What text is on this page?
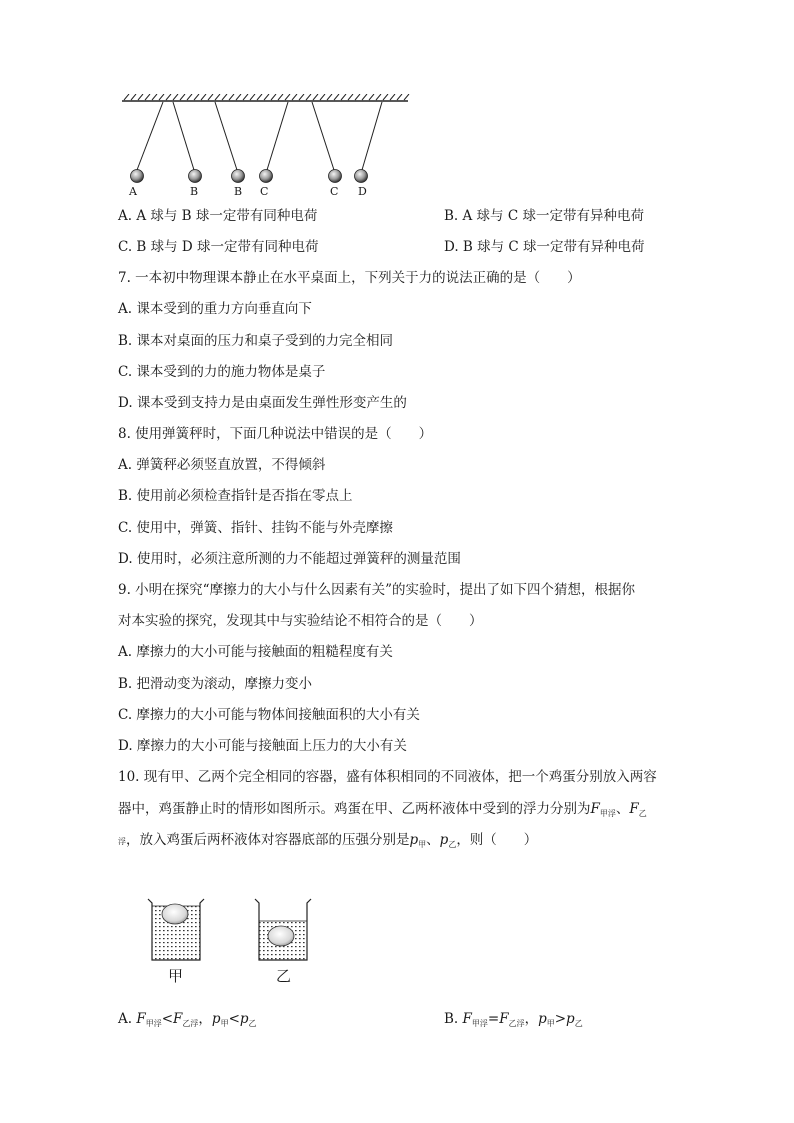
A	B	B C	C D
A. A 球与 B 球一定带有同种电荷	B. A 球与 C 球一定带有异种电荷
C. B 球与 D 球一定带有同种电荷	D. B 球与 C 球一定带有异种电荷
7. 一本初中物理课本静止在水平桌面上，下列关于力的说法正确的是（　　）
A. 课本受到的重力方向垂直向下
B. 课本对桌面的压力和桌子受到的力完全相同
C. 课本受到的力的施力物体是桌子
D. 课本受到支持力是由桌面发生弹性形变产生的
8. 使用弹簧秤时，下面几种说法中错误的是（　　）
A. 弹簧秤必须竖直放置，不得倾斜
B. 使用前必须检查指针是否指在零点上
C. 使用中，弹簧、指针、挂钩不能与外壳摩擦
D. 使用时，必须注意所测的力不能超过弹簧秤的测量范围
9. 小明在探究“摩擦力的大小与什么因素有关”的实验时，提出了如下四个猜想，根据你
对本实验的探究，发现其中与实验结论不相符合的是（　　）
A. 摩擦力的大小可能与接触面的粗糙程度有关
B. 把滑动变为滚动，摩擦力变小
C. 摩擦力的大小可能与物体间接触面积的大小有关
D. 摩擦力的大小可能与接触面上压力的大小有关
10. 现有甲、乙两个完全相同的容器，盛有体积相同的不同液体，把一个鸡蛋分别放入两容
器中，鸡蛋静止时的情形如图所示。鸡蛋在甲、乙两杯液体中受到的浮力分别为$F_{甲浮}$、$F_乙$
浮，放入鸡蛋后两杯液体对容器底部的压强分别是$p_甲$、$p_乙$，则（　　）
甲	乙
A. $F_{甲浮}<F_{乙浮}$，$p_甲<p_乙$	B. $F_{甲浮}=F_{乙浮}$，$p_甲>p_乙$
